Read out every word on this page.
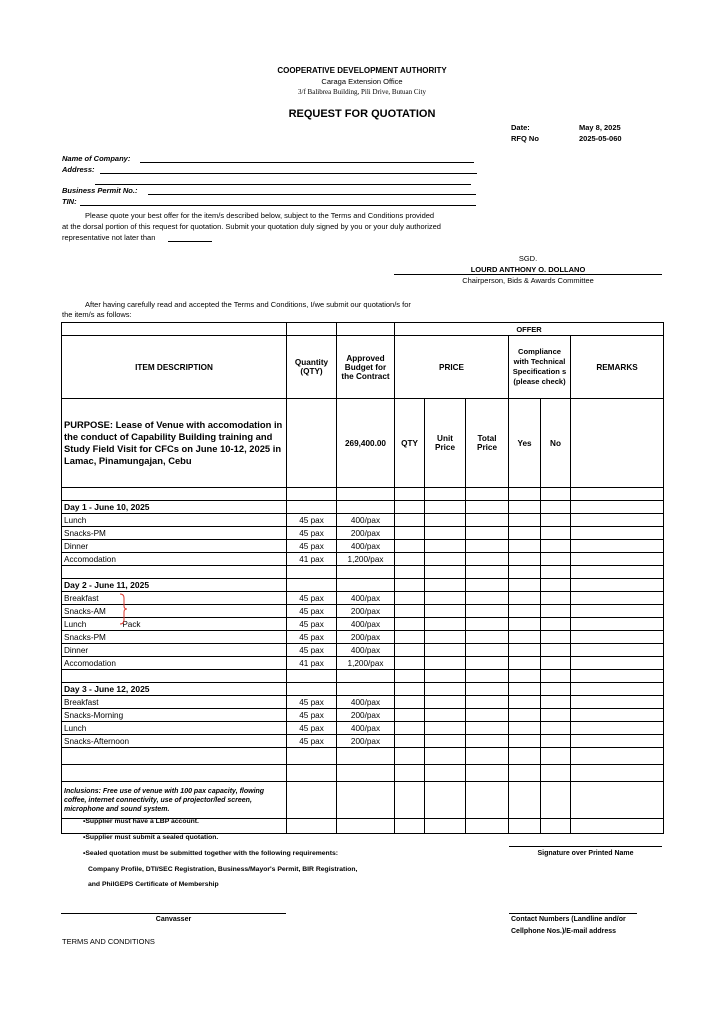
COOPERATIVE DEVELOPMENT AUTHORITY
Caraga Extension Office
3/f Balibrea Building, Pili Drive, Butuan City
REQUEST FOR QUOTATION
Date:	May 8, 2025
RFQ No	2025-05-060
Name of Company:
Address:
Business Permit No.:
TIN:
Please quote your best offer for the item/s described below, subject to the Terms and Conditions provided
at the dorsal portion of this request for quotation. Submit your quotation duly signed by you or your duly authorized
representative not later than
SGD.
LOURD ANTHONY O. DOLLANO
Chairperson, Bids & Awards Committee
After having carefully read and accepted the Terms and Conditions, I/we submit our quotation/s for
the item/s as follows:
			OFFER					
ITEM DESCRIPTION	Quantity (QTY)	Approved Budget for the Contract	PRICE			Compliance with Technical Specification s (please check)		REMARKS
PURPOSE: Lease of Venue with accomodation in the conduct of Capability Building training and Study Field Visit for CFCs on June 10-12, 2025 in Lamac, Pinamungajan, Cebu		269,400.00	QTY	Unit Price	Total Price	Yes	No	

Day 1 - June 10, 2025								
Lunch	45 pax	400/pax						
Snacks-PM	45 pax	200/pax						
Dinner	45 pax	400/pax						
Accomodation	41 pax	1,200/pax						

Day 2 - June 11, 2025								
Breakfast	45 pax	400/pax						
Snacks-AM	45 pax	200/pax						
Lunch Pack	45 pax	400/pax						
Snacks-PM	45 pax	200/pax						
Dinner	45 pax	400/pax						
Accomodation	41 pax	1,200/pax						

Day 3 - June 12, 2025								
Breakfast	45 pax	400/pax						
Snacks-Morning	45 pax	200/pax						
Lunch	45 pax	400/pax						
Snacks-Afternoon	45 pax	200/pax						

Inclusions: Free use of venue with 100 pax capacity, flowing coffee, internet connectivity, use of projector/led screen, microphone and sound system.								

•Supplier must have a LBP account.
•Supplier must submit a sealed quotation.
•Sealed quotation must be submitted together with the following requirements:
Company Profile, DTI/SEC Registration, Business/Mayor's Permit, BIR Registration,
and PhilGEPS Certificate of Membership
Signature over Printed Name
Canvasser	Contact Numbers (Landline and/or
Cellphone Nos.)/E-mail address
TERMS AND CONDITIONS
